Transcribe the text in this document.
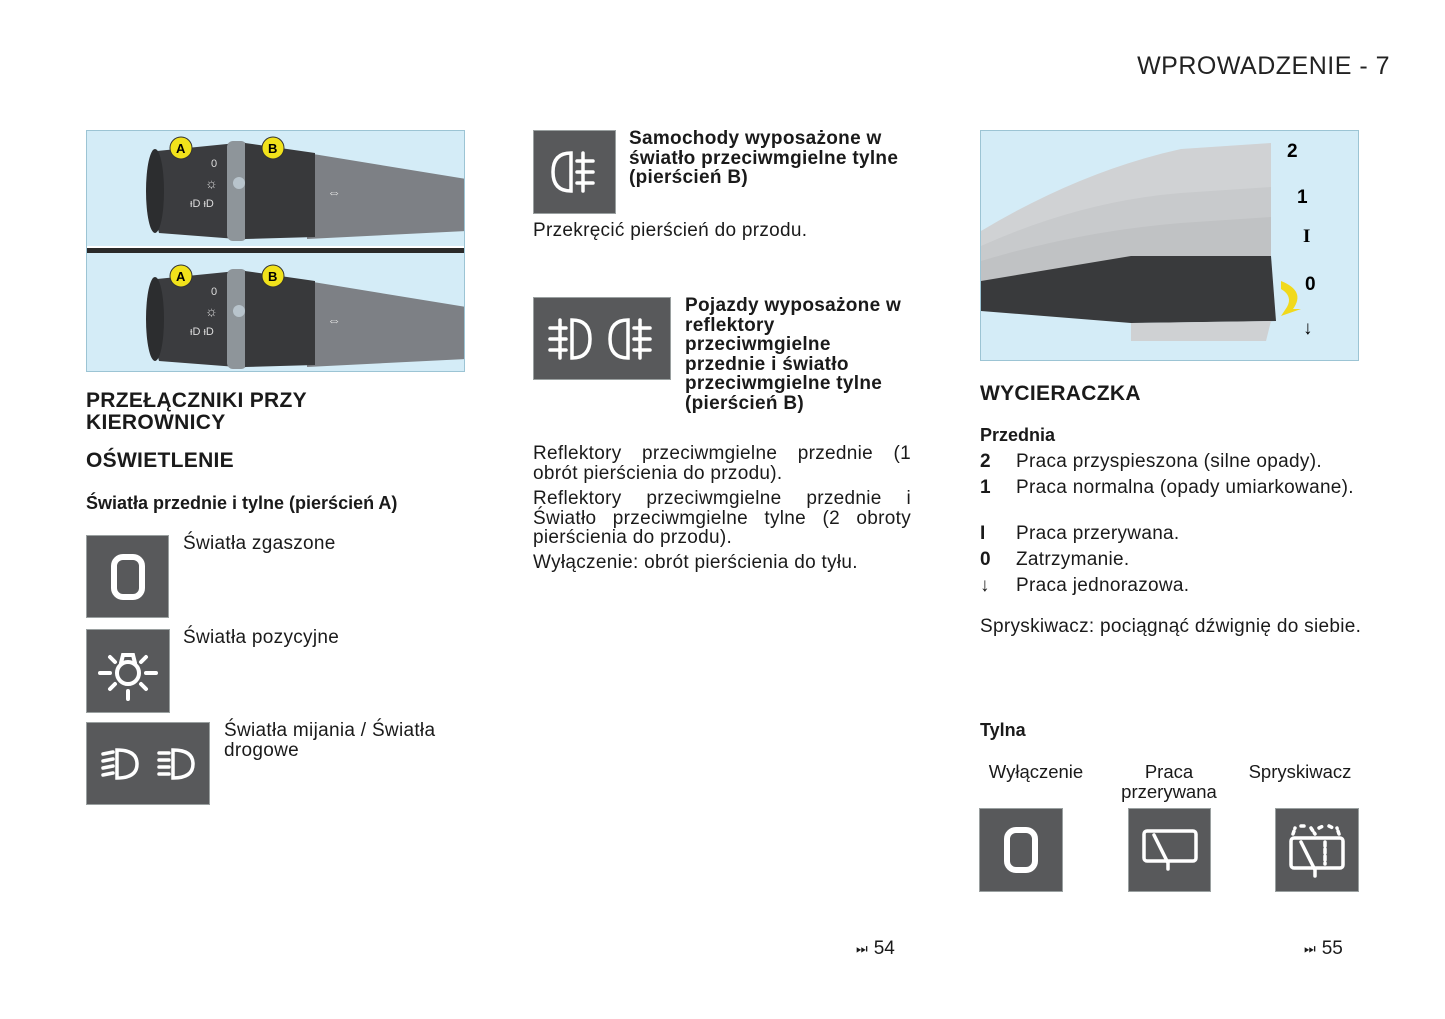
WPROWADZENIE - 7
0
☼
ᵻD ᵻD
⇔
A	B
A	B
PRZEŁĄCZNIKI PRZY KIEROWNICY
OŚWIETLENIE
Światła przednie i tylne (pierścień A)
Światła zgaszone
Światła pozycyjne
Światła mijania / Światła drogowe
Samochody wyposażone w światło przeciwmgielne tylne (pierścień B)
Przekręcić pierścień do przodu.
Pojazdy wyposażone w reflektory przeciwmgielne przednie i światło przeciwmgielne tylne (pierścień B)
Reflektory przeciwmgielne przednie (1 obrót pierścienia do przodu).
Reflektory przeciwmgielne przednie i Światło przeciwmgielne tylne (2 obroty pierścienia do przodu).
Wyłączenie: obrót pierścienia do tyłu.
2
1
I
0
↓
WYCIERACZKA
Przednia
2	Praca przyspieszona (silne opady).
1	Praca normalna (opady umiarkowane).
I	Praca przerywana.
0	Zatrzymanie.
↓	Praca jednorazowa.
Spryskiwacz: pociągnąć dźwignię do siebie.
Tylna
Wyłączenie	Praca przerywana
Spryskiwacz
⏭ 54	⏭ 55
